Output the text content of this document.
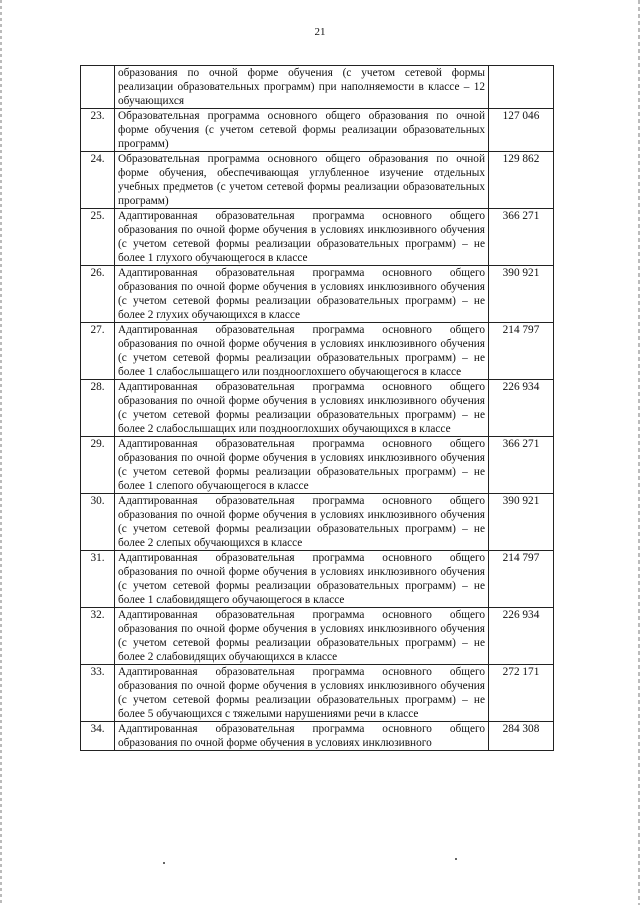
21
	образования по очной форме обучения (с учетом сетевой формы реализации образовательных программ) при наполняемости в классе – 12 обучающихся	
23.	Образовательная программа основного общего образования по очной форме обучения (с учетом сетевой формы реализации образовательных программ)	127 046
24.	Образовательная программа основного общего образования по очной форме обучения, обеспечивающая углубленное изучение отдельных учебных предметов (с учетом сетевой формы реализации образовательных программ)	129 862
25.	Адаптированная образовательная программа основного общего образования по очной форме обучения в условиях инклюзивного обучения (с учетом сетевой формы реализации образовательных программ) – не более 1 глухого обучающегося в классе	366 271
26.	Адаптированная образовательная программа основного общего образования по очной форме обучения в условиях инклюзивного обучения (с учетом сетевой формы реализации образовательных программ) – не более 2 глухих обучающихся в классе	390 921
27.	Адаптированная образовательная программа основного общего образования по очной форме обучения в условиях инклюзивного обучения (с учетом сетевой формы реализации образовательных программ) – не более 1 слабослышащего или позднооглохшего обучающегося в классе	214 797
28.	Адаптированная образовательная программа основного общего образования по очной форме обучения в условиях инклюзивного обучения (с учетом сетевой формы реализации образовательных программ) – не более 2 слабослышащих или позднооглохших обучающихся в классе	226 934
29.	Адаптированная образовательная программа основного общего образования по очной форме обучения в условиях инклюзивного обучения (с учетом сетевой формы реализации образовательных программ) – не более 1 слепого обучающегося в классе	366 271
30.	Адаптированная образовательная программа основного общего образования по очной форме обучения в условиях инклюзивного обучения (с учетом сетевой формы реализации образовательных программ) – не более 2 слепых обучающихся в классе	390 921
31.	Адаптированная образовательная программа основного общего образования по очной форме обучения в условиях инклюзивного обучения (с учетом сетевой формы реализации образовательных программ) – не более 1 слабовидящего обучающегося в классе	214 797
32.	Адаптированная образовательная программа основного общего образования по очной форме обучения в условиях инклюзивного обучения (с учетом сетевой формы реализации образовательных программ) – не более 2 слабовидящих обучающихся в классе	226 934
33.	Адаптированная образовательная программа основного общего образования по очной форме обучения в условиях инклюзивного обучения (с учетом сетевой формы реализации образовательных программ) – не более 5 обучающихся с тяжелыми нарушениями речи в классе	272 171
34.	Адаптированная образовательная программа основного общего образования по очной форме обучения в условиях инклюзивного	284 308
